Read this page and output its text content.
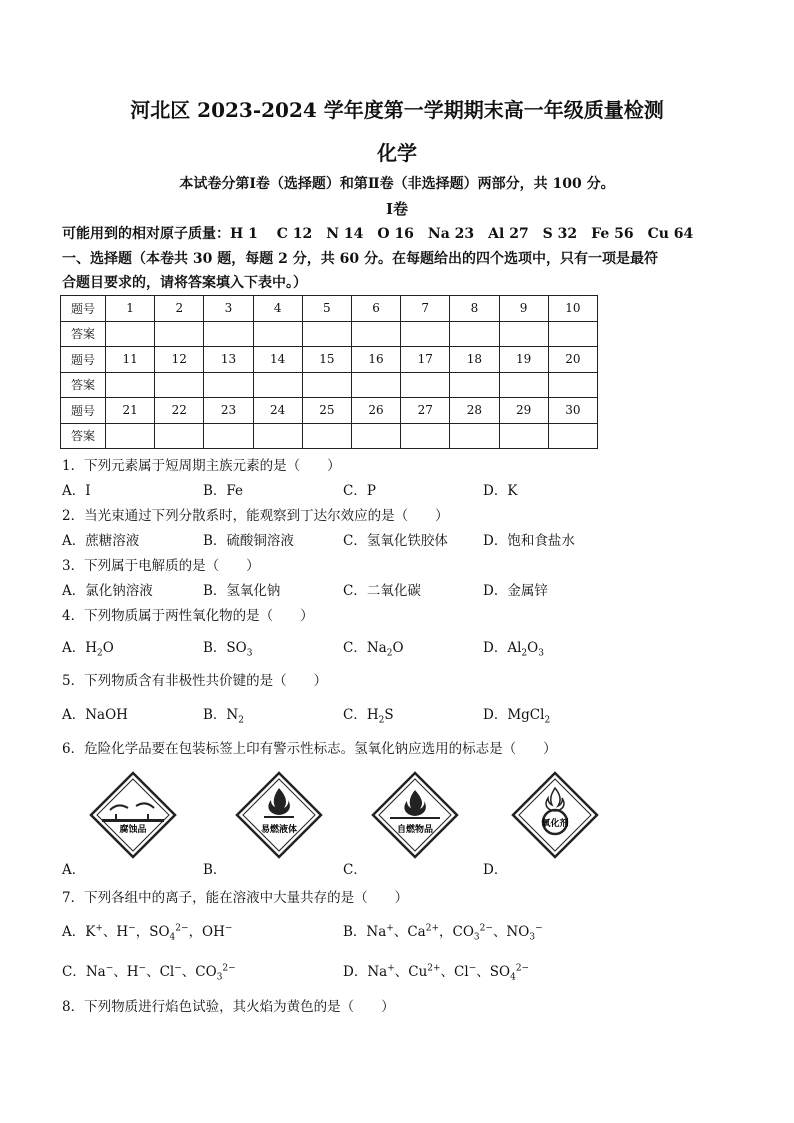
河北区 2023-2024 学年度第一学期期末高一年级质量检测
化学
本试卷分第Ⅰ卷（选择题）和第Ⅱ卷（非选择题）两部分，共 100 分。
Ⅰ卷
可能用到的相对原子质量：H 1　 C 12　N 14　O 16　Na 23　Al 27　S 32　Fe 56　Cu 64
一、选择题（本卷共 30 题，每题 2 分，共 60 分。在每题给出的四个选项中，只有一项是最符
合题目要求的，请将答案填入下表中。）
题号	1	2	3	4	5	6	7	8	9	10
答案										
题号	11	12	13	14	15	16	17	18	19	20
答案										
题号	21	22	23	24	25	26	27	28	29	30
答案										
1．下列元素属于短周期主族元素的是（　　）
A．I	B．Fe	C．P	D．K
2．当光束通过下列分散系时，能观察到丁达尔效应的是（　　）
A．蔗糖溶液	B．硫酸铜溶液	C．氢氧化铁胶体	D．饱和食盐水
3．下列属于电解质的是（　　）
A．氯化钠溶液	B．氢氧化钠	C．二氧化碳	D．金属锌
4．下列物质属于两性氧化物的是（　　）
A．$H_2O$	B．$SO_3$	C．$Na_2O$	D．$Al_2O_3$
5．下列物质含有非极性共价键的是（　　）
A．NaOH	B．$N_2$	C．$H_2S$	D．MgCl$_2$
6．危险化学品要在包装标签上印有警示性标志。氢氧化钠应选用的标志是（　　）
腐蚀品	易燃液体	自燃物品
氧化剂
A．	B．	C．	D．
7．下列各组中的离子，能在溶液中大量共存的是（　　）
A．K+、H−，$SO_4^{2-}$，OH−	B．Na+、$Ca^{2+}$，$CO_3^{2-}$、$NO_3^-$
C．Na−、H−、Cl−、$CO_3^{2-}$	D．Na+、$Cu^{2+}$、Cl−、$SO_4^{2-}$
8．下列物质进行焰色试验，其火焰为黄色的是（　　）
